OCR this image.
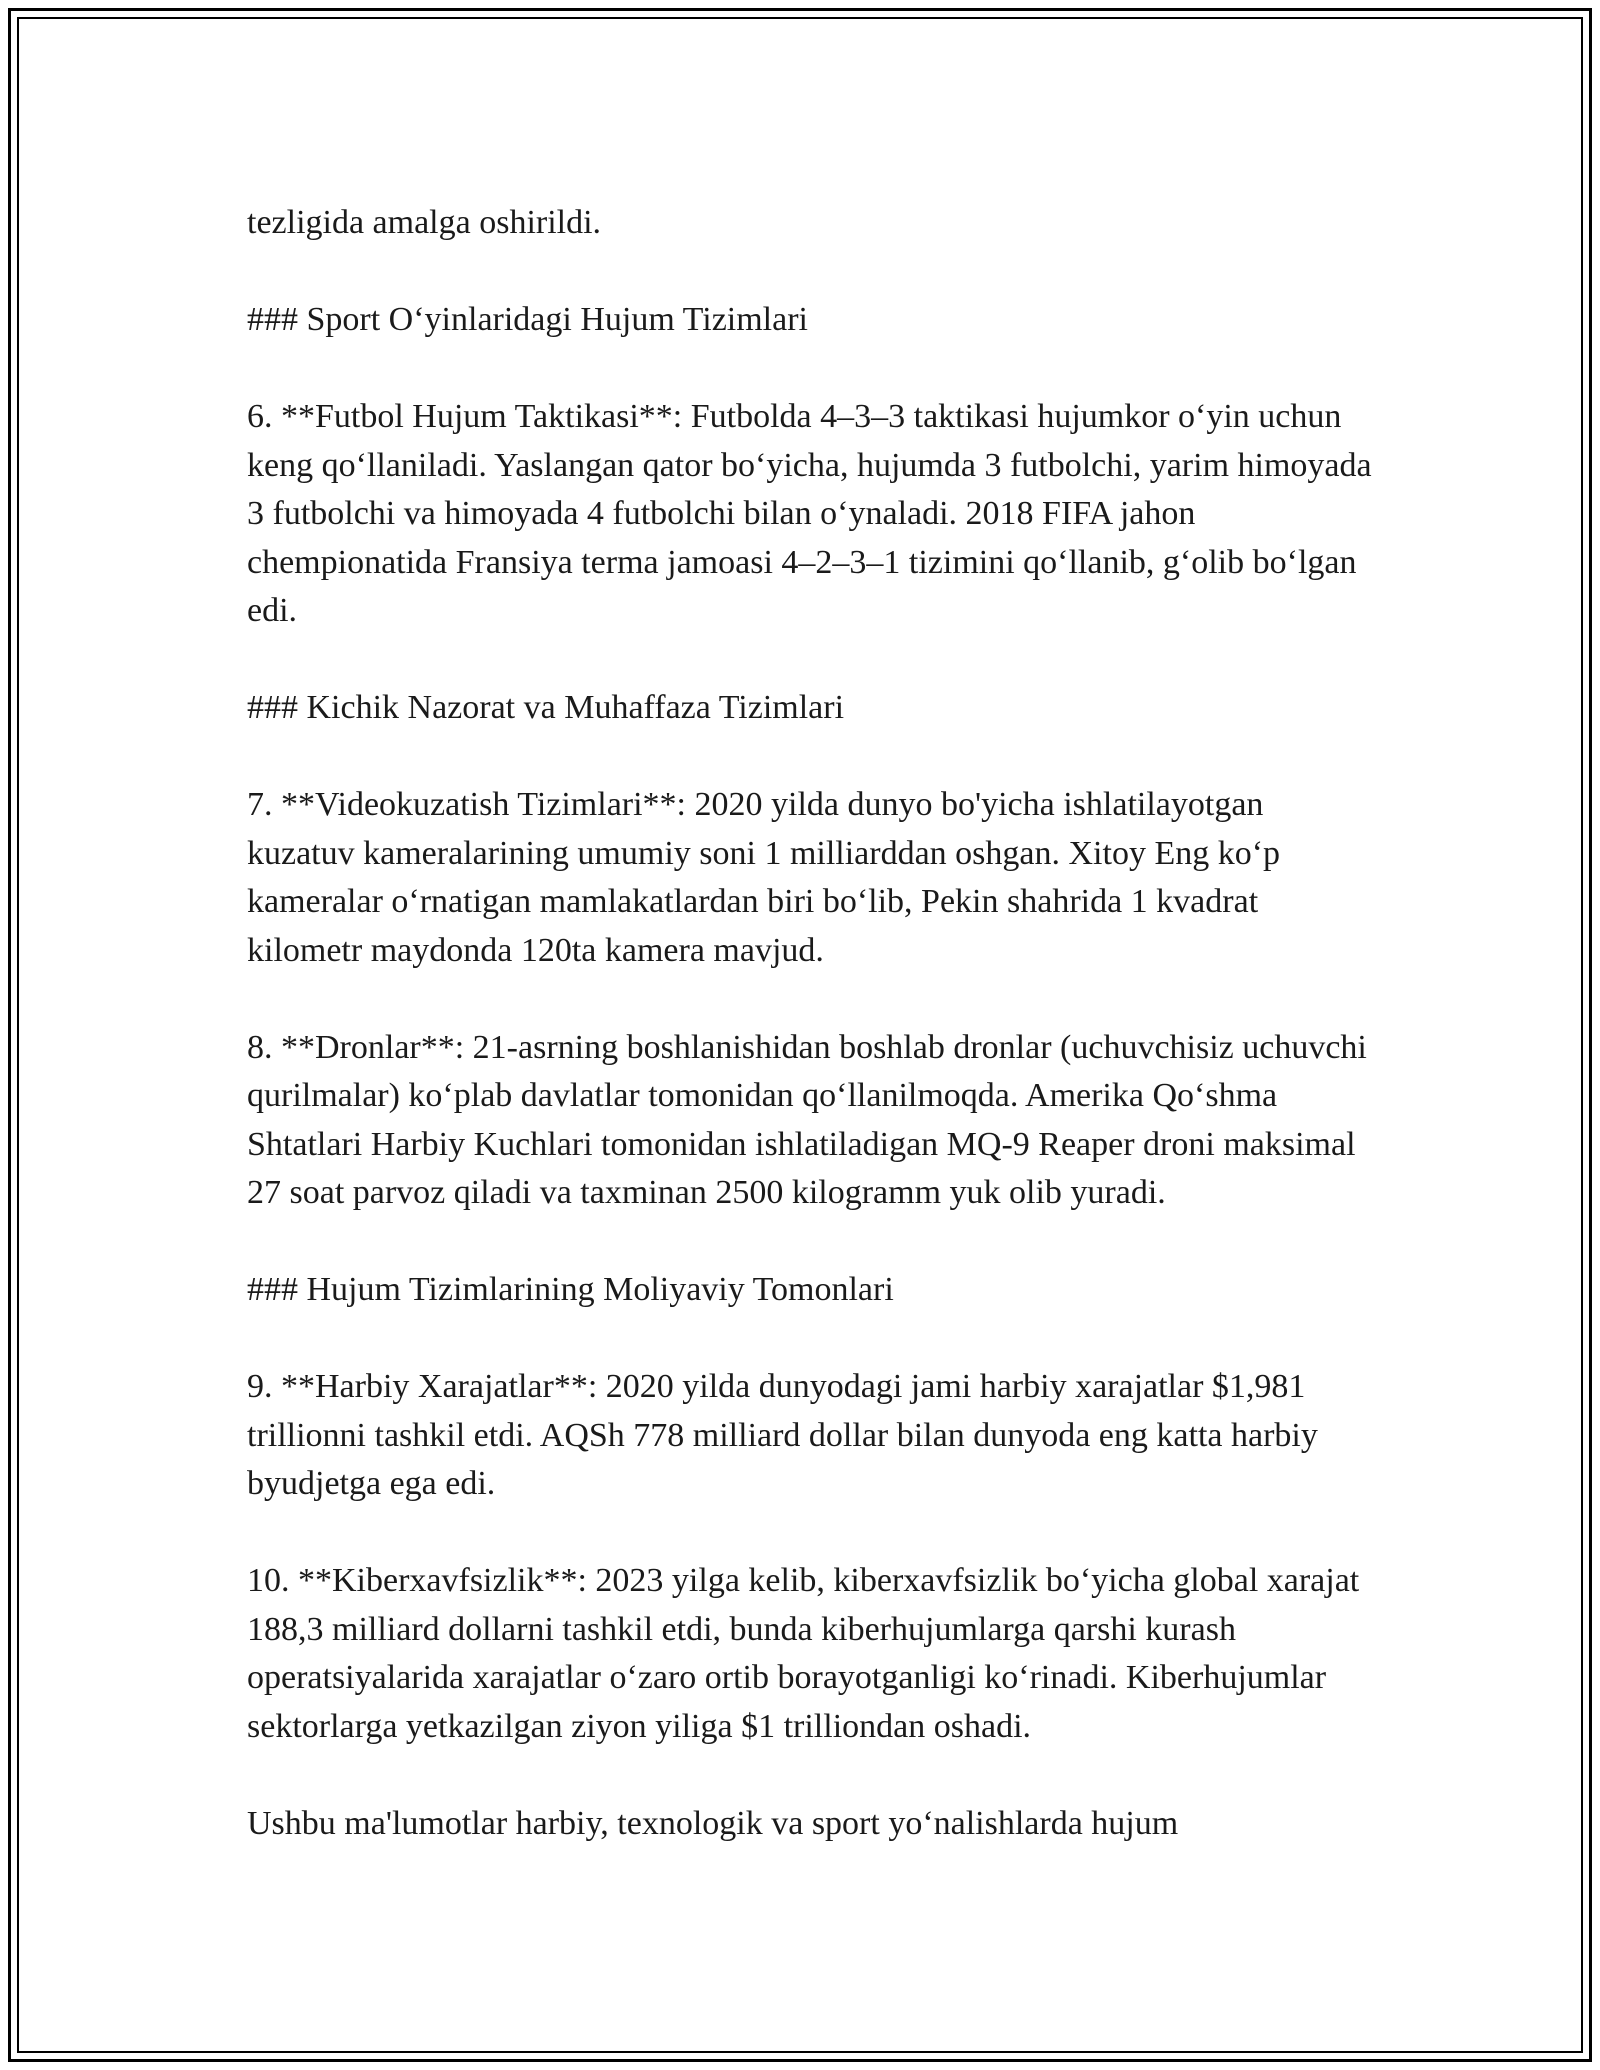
tezligida amalga oshirildi.

### Sport O‘yinlaridagi Hujum Tizimlari

6. **Futbol Hujum Taktikasi**: Futbolda 4–3–3 taktikasi hujumkor o‘yin uchun keng qo‘llaniladi. Yaslangan qator bo‘yicha, hujumda 3 futbolchi, yarim himoyada 3 futbolchi va himoyada 4 futbolchi bilan o‘ynaladi. 2018 FIFA jahon chempionatida Fransiya terma jamoasi 4–2–3–1 tizimini qo‘llanib, g‘olib bo‘lgan edi.

### Kichik Nazorat va Muhaffaza Tizimlari

7. **Videokuzatish Tizimlari**: 2020 yilda dunyo bo'yicha ishlatilayotgan kuzatuv kameralarining umumiy soni 1 milliarddan oshgan. Xitoy Eng ko‘p kameralar o‘rnatigan mamlakatlardan biri bo‘lib, Pekin shahrida 1 kvadrat kilometr maydonda 120ta kamera mavjud.

8. **Dronlar**: 21-asrning boshlanishidan boshlab dronlar (uchuvchisiz uchuvchi qurilmalar) ko‘plab davlatlar tomonidan qo‘llanilmoqda. Amerika Qo‘shma Shtatlari Harbiy Kuchlari tomonidan ishlatiladigan MQ-9 Reaper droni maksimal 27 soat parvoz qiladi va taxminan 2500 kilogramm yuk olib yuradi.

### Hujum Tizimlarining Moliyaviy Tomonlari

9. **Harbiy Xarajatlar**: 2020 yilda dunyodagi jami harbiy xarajatlar $1,981 trillionni tashkil etdi. AQSh 778 milliard dollar bilan dunyoda eng katta harbiy byudjetga ega edi.

10. **Kiberxavfsizlik**: 2023 yilga kelib, kiberxavfsizlik bo‘yicha global xarajat 188,3 milliard dollarni tashkil etdi, bunda kiberhujumlarga qarshi kurash operatsiyalarida xarajatlar o‘zaro ortib borayotganligi ko‘rinadi. Kiberhujumlar sektorlarga yetkazilgan ziyon yiliga $1 trilliondan oshadi.

Ushbu ma'lumotlar harbiy, texnologik va sport yo‘nalishlarda hujum
